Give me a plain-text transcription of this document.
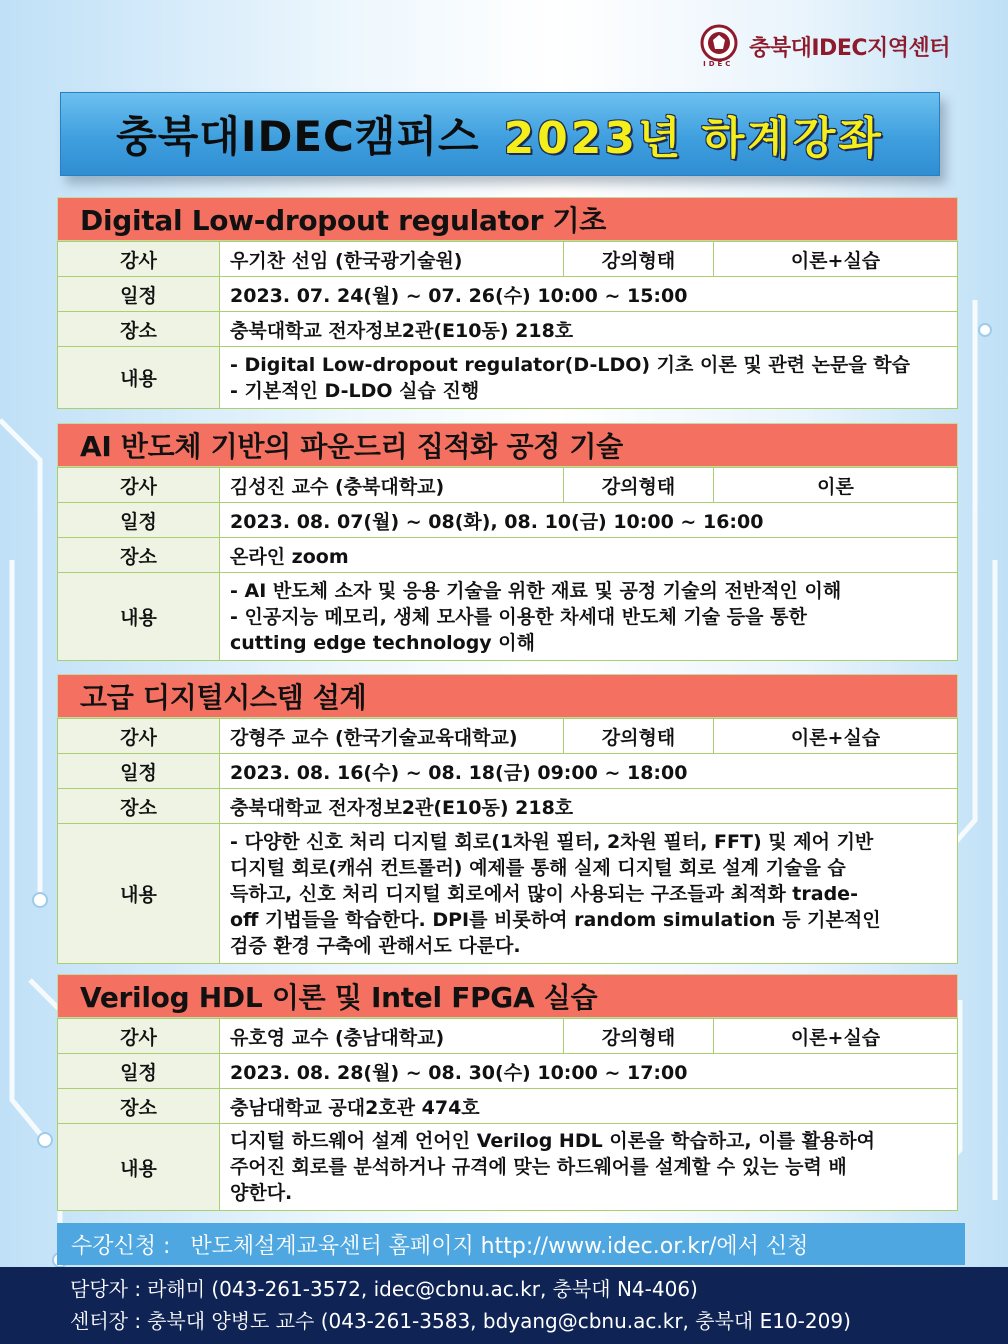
IDEC
충북대IDEC지역센터
충북대IDEC캠퍼스 2023년 하계강좌
Digital Low-dropout regulator 기초
강사	우기찬 선임 (한국광기술원)	강의형태	이론+실습
일정	2023. 07. 24(월) ~ 07. 26(수) 10:00 ~ 15:00		
장소	충북대학교 전자정보2관(E10동) 218호		
내용	- Digital Low-dropout regulator(D-LDO) 기초 이론 및 관련 논문을 학습
- 기본적인 D-LDO 실습 진행		
AI 반도체 기반의 파운드리 집적화 공정 기술
강사	김성진 교수 (충북대학교)	강의형태	이론
일정	2023. 08. 07(월) ~ 08(화), 08. 10(금) 10:00 ~ 16:00		
장소	온라인 zoom		
내용	- AI 반도체 소자 및 응용 기술을 위한 재료 및 공정 기술의 전반적인 이해
- 인공지능 메모리, 생체 모사를 이용한 차세대 반도체 기술 등을 통한
cutting edge technology 이해		
고급 디지털시스템 설계
강사	강형주 교수 (한국기술교육대학교)	강의형태	이론+실습
일정	2023. 08. 16(수) ~ 08. 18(금) 09:00 ~ 18:00		
장소	충북대학교 전자정보2관(E10동) 218호		
내용	- 다양한 신호 처리 디지털 회로(1차원 필터, 2차원 필터, FFT) 및 제어 기반
디지털 회로(캐쉬 컨트롤러) 예제를 통해 실제 디지털 회로 설계 기술을 습
득하고, 신호 처리 디지털 회로에서 많이 사용되는 구조들과 최적화 trade-
off 기법들을 학습한다. DPI를 비롯하여 random simulation 등 기본적인
검증 환경 구축에 관해서도 다룬다.		
Verilog HDL 이론 및 Intel FPGA 실습
강사	유호영 교수 (충남대학교)	강의형태	이론+실습
일정	2023. 08. 28(월) ~ 08. 30(수) 10:00 ~ 17:00		
장소	충남대학교 공대2호관 474호		
내용	디지털 하드웨어 설계 언어인 Verilog HDL 이론을 학습하고, 이를 활용하여
주어진 회로를 분석하거나 규격에 맞는 하드웨어를 설계할 수 있는 능력 배
양한다.		
수강신청 : 반도체설계교육센터 홈페이지 http://www.idec.or.kr/에서 신청
담당자 : 라해미 (043-261-3572, idec@cbnu.ac.kr, 충북대 N4-406)
센터장 : 충북대 양병도 교수 (043-261-3583, bdyang@cbnu.ac.kr, 충북대 E10-209)
